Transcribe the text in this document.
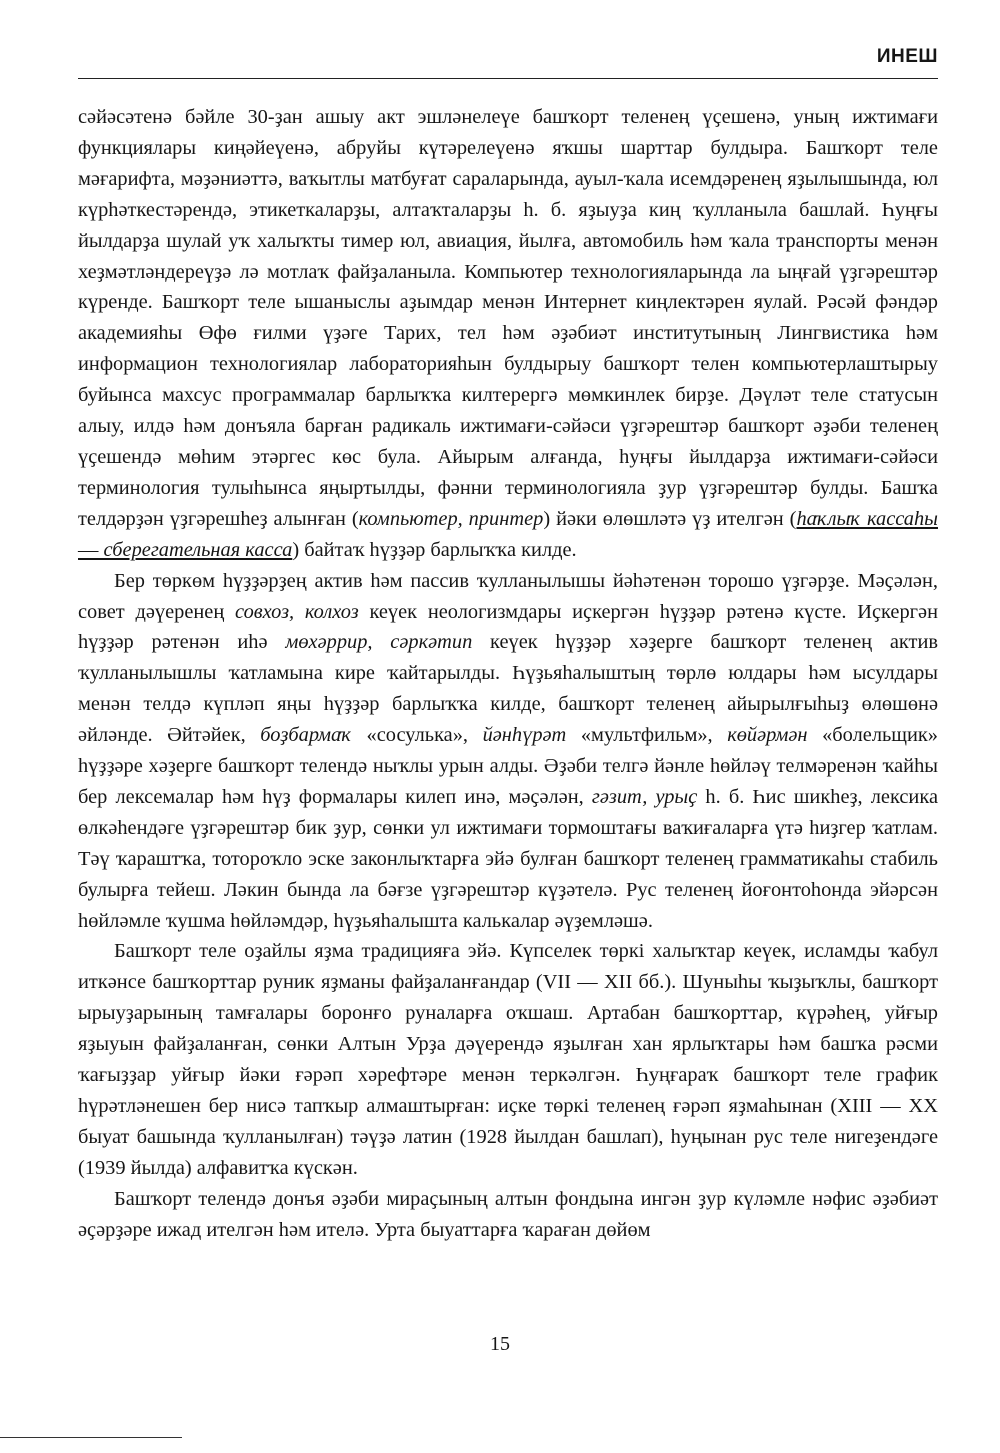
ИНЕШ

сәйәсәтенә бәйле 30-ҙан ашыу акт эшләнелеүе башҡорт теленең үҫешенә, уның ижтимағи функциялары киңәйеүенә, абруйы күтәрелеүенә яҡшы шарттар булдыра. Башҡорт теле мәғарифта, мәҙәниәттә, ваҡытлы матбуғат сараларында, ауыл-ҡала исемдәренең яҙылышында, юл күрһәткестәрендә, этикеткаларҙы, алтаҡталарҙы һ. б. яҙыуҙа киң ҡулланыла башлай. Һуңғы йылдарҙа шулай уҡ халыҡты тимер юл, авиация, йылға, автомобиль һәм ҡала транспорты менән хеҙмәтләндереүҙә лә мотлаҡ файҙаланыла. Компьютер технологияларында ла ыңғай үҙгәрештәр күренде. Башҡорт теле ышаныслы аҙымдар менән Интернет киңлектәрен яулай. Рәсәй фәндәр академияһы Өфө ғилми үҙәге Тарих, тел һәм әҙәбиәт институтының Лингвистика һәм информацион технологиялар лабораторияһын булдырыу башҡорт телен компьютерлаштырыу буйынса махсус программалар барлыҡҡа килтерергә мөмкинлек бирҙе. Дәүләт теле статусын алыу, илдә һәм донъяла барған радикаль ижтимағи-сәйәси үҙгәрештәр башҡорт әҙәби теленең үҫешендә мөһим этәргес көс була. Айырым алғанда, һуңғы йылдарҙа ижтимағи-сәйәси терминология тулыһынса яңыртылды, фәнни терминологияла ҙур үҙгәрештәр булды. Башҡа телдәрҙән үҙгәрешһеҙ алынған (компьютер, принтер) йәки өлөшләтә үҙ ителгән (һаҡлыҡ кассаһы — сберегательная касса) байтаҡ һүҙҙәр барлыҡҡа килде.

Бер төркөм һүҙҙәрҙең актив һәм пассив ҡулланылышы йәһәтенән торошо үҙгәрҙе. Мәҫәлән, совет дәүеренең совхоз, колхоз кеүек неологизмдары иҫкергән һүҙҙәр рәтенә күсте. Иҫкергән һүҙҙәр рәтенән иһә мөхәррир, сәркәтип кеүек һүҙҙәр хәҙерге башҡорт теленең актив ҡулланылышлы ҡатламына кире ҡайтарылды. Һүҙьяһалыштың төрлө юлдары һәм ысулдары менән телдә күпләп яңы һүҙҙәр барлыҡҡа килде, башҡорт теленең айырылғыһыҙ өлөшөнә әйләнде. Әйтәйек, боҙбармаҡ «сосулька», йәнһүрәт «мультфильм», көйәрмән «болельщик» һүҙҙәре хәҙерге башҡорт телендә ныҡлы урын алды. Әҙәби телгә йәнле һөйләү телмәренән ҡайһы бер лексемалар һәм һүҙ формалары килеп инә, мәҫәлән, гәзит, урыҫ һ. б. Һис шикһеҙ, лексика өлкәһендәге үҙгәрештәр бик ҙур, сөнки ул ижтимағи тормоштағы ваҡиғаларға үтә һиҙгер ҡатлам. Тәү ҡараштҡа, тотороҡло эске законлыҡтарға эйә булған башҡорт теленең грамматикаһы стабиль булырға тейеш. Ләкин бында ла бәғзе үҙгәрештәр күҙәтелә. Рус теленең йоғонтоһонда эйәрсән һөйләмле ҡушма һөйләмдәр, һүҙьяһалышта калькалар әүҙемләшә.

Башҡорт теле оҙайлы яҙма традицияға эйә. Күпселек төркі халыҡтар кеүек, исламды ҡабул иткәнсе башҡорттар руник яҙманы файҙаланғандар (VII — XII бб.). Шуныһы ҡыҙыҡлы, башҡорт ырыуҙарының тамғалары боронғо руналарға оҡшаш. Артабан башҡорттар, күрәһең, уйғыр яҙыуын файҙаланған, сөнки Алтын Урҙа дәүерендә яҙылған хан ярлыҡтары һәм башҡа рәсми ҡағыҙҙар уйғыр йәки ғәрәп хәрефтәре менән теркәлгән. Һуңғараҡ башҡорт теле график һүрәтләнешен бер нисә тапҡыр алмаштырған: иҫке төркі теленең ғәрәп яҙмаһынан (XIII — XX быуат башында ҡулланылған) тәүҙә латин (1928 йылдан башлап), һуңынан рус теле нигеҙендәге (1939 йылда) алфавитҡа күскән.

Башҡорт телендә донъя әҙәби мираҫының алтын фондына ингән ҙур күләмле нәфис әҙәбиәт әҫәрҙәре ижад ителгән һәм ителә. Урта быуаттарға ҡараған дөйөм

15
